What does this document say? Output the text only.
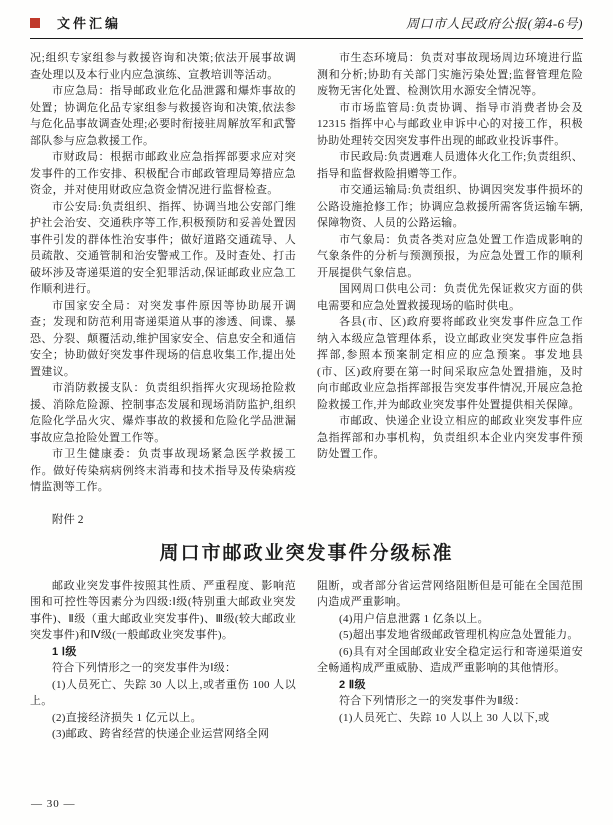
文件汇编	周口市人民政府公报(第4-6号)

况;组织专家组参与救援咨询和决策;依法开展事故调查处理以及本行业内应急演练、宣教培训等活动。

市应急局：指导邮政业危化品泄露和爆炸事故的处置；协调危化品专家组参与救援咨询和决策,依法参与危化品事故调查处理;必要时衔接驻周解放军和武警部队参与应急救援工作。

市财政局：根据市邮政业应急指挥部要求应对突发事件的工作安排、积极配合市邮政管理局筹措应急资金，并对使用财政应急资金情况进行监督检查。

市公安局:负责组织、指挥、协调当地公安部门维护社会治安、交通秩序等工作,积极预防和妥善处置因事件引发的群体性治安事件；做好道路交通疏导、人员疏散、交通管制和治安警戒工作。及时查处、打击破坏涉及寄递渠道的安全犯罪活动,保证邮政业应急工作顺利进行。

市国家安全局：对突发事件原因等协助展开调查；发现和防范利用寄递渠道从事的渗透、间谍、暴恐、分裂、颠覆活动,维护国家安全、信息安全和通信安全；协助做好突发事件现场的信息收集工作,提出处置建议。

市消防救援支队：负责组织指挥火灾现场抢险救援、消除危险源、控制事态发展和现场消防监护,组织危险化学品火灾、爆炸事故的救援和危险化学品泄漏事故应急抢险处置工作等。

市卫生健康委：负责事故现场紧急医学救援工作。做好传染病病例终末消毒和技术指导及传染病疫情监测等工作。

市生态环境局：负责对事故现场周边环境进行监测和分析;协助有关部门实施污染处置;监督管理危险废物无害化处置、检测饮用水源安全情况等。

市市场监管局:负责协调、指导市消费者协会及 12315 指挥中心与邮政业申诉中心的对接工作，积极协助处理转交因突发事件出现的邮政业投诉事件。

市民政局:负责遇难人员遗体火化工作;负责组织、指导和监督救险捐赠等工作。

市交通运输局:负责组织、协调因突发事件损坏的公路设施抢修工作；协调应急救援所需客货运输车辆,保障物资、人员的公路运输。

市气象局：负责各类对应急处置工作造成影响的气象条件的分析与预测预报，为应急处置工作的顺利开展提供气象信息。

国网周口供电公司：负责优先保证救灾方面的供电需要和应急处置救援现场的临时供电。

各县(市、区)政府要将邮政业突发事件应急工作纳入本级应急管理体系，设立邮政业突发事件应急指挥部,参照本预案制定相应的应急预案。事发地县(市、区)政府要在第一时间采取应急处置措施，及时向市邮政业应急指挥部报告突发事件情况,开展应急抢险救援工作,并为邮政业突发事件处置提供相关保障。

市邮政、快递企业设立相应的邮政业突发事件应急指挥部和办事机构，负责组织本企业内突发事件预防处置工作。

附件 2
周口市邮政业突发事件分级标准

邮政业突发事件按照其性质、严重程度、影响范围和可控性等因素分为四级:Ⅰ级(特别重大邮政业突发事件)、Ⅱ级（重大邮政业突发事件)、Ⅲ级(较大邮政业突发事件)和Ⅳ级(一般邮政业突发事件)。

1 Ⅰ级

符合下列情形之一的突发事件为Ⅰ级：

(1)人员死亡、失踪 30 人以上,或者重伤 100 人以上。

(2)直接经济损失 1 亿元以上。

(3)邮政、跨省经营的快递企业运营网络全网

阻断，或者部分省运营网络阻断但是可能在全国范围内造成严重影响。

(4)用户信息泄露 1 亿条以上。

(5)超出事发地省级邮政管理机构应急处置能力。

(6)具有对全国邮政业安全稳定运行和寄递渠道安全畅通构成严重威胁、造成严重影响的其他情形。

2 Ⅱ级

符合下列情形之一的突发事件为Ⅱ级：

(1)人员死亡、失踪 10 人以上 30 人以下,或

— 30 —
